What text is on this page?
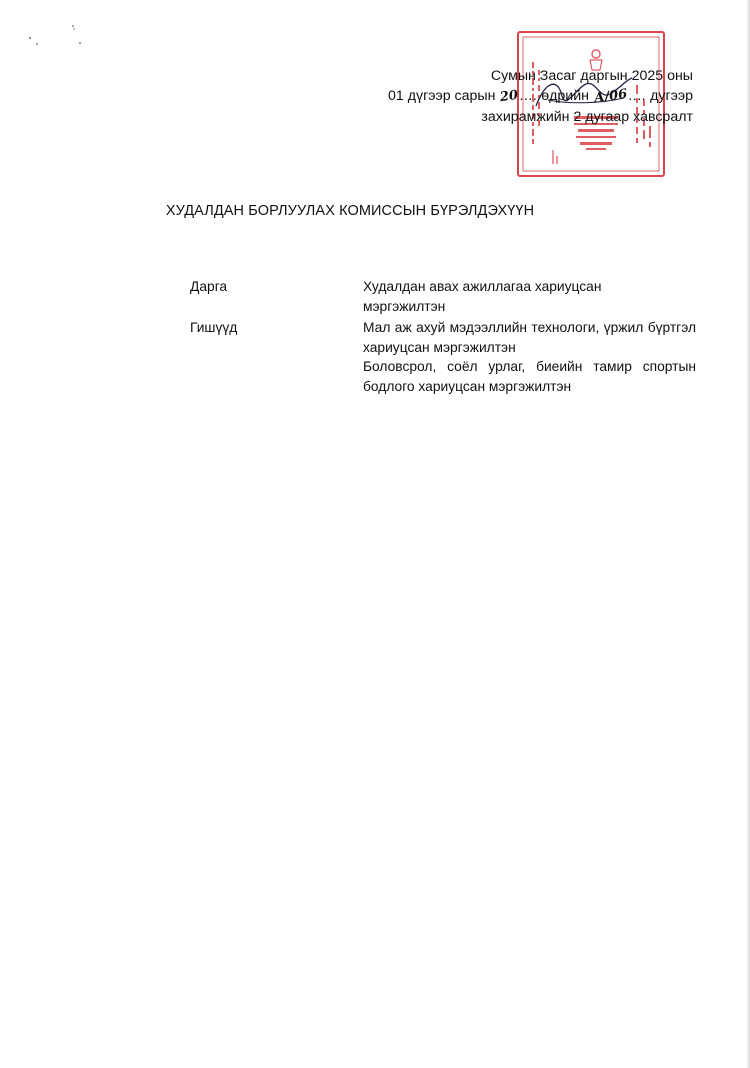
Сумын Засаг даргын 2025 оны
01 дүгээр сарын 20.... өдрийн А/06.... дугээр
захирамжийн 2 дугаар хавсралт
ХУДАЛДАН БОРЛУУЛАХ КОМИССЫН БҮРЭЛДЭХҮҮН
Дарга	Худалдан авах ажиллагаа хариуцсан мэргэжилтэн

Гишүүд	Мал аж ахуй мэдээллийн технологи, үржил бүртгэл хариуцсан мэргэжилтэн

Боловсрол, соёл урлаг, биеийн тамир спортын бодлого хариуцсан мэргэжилтэн
